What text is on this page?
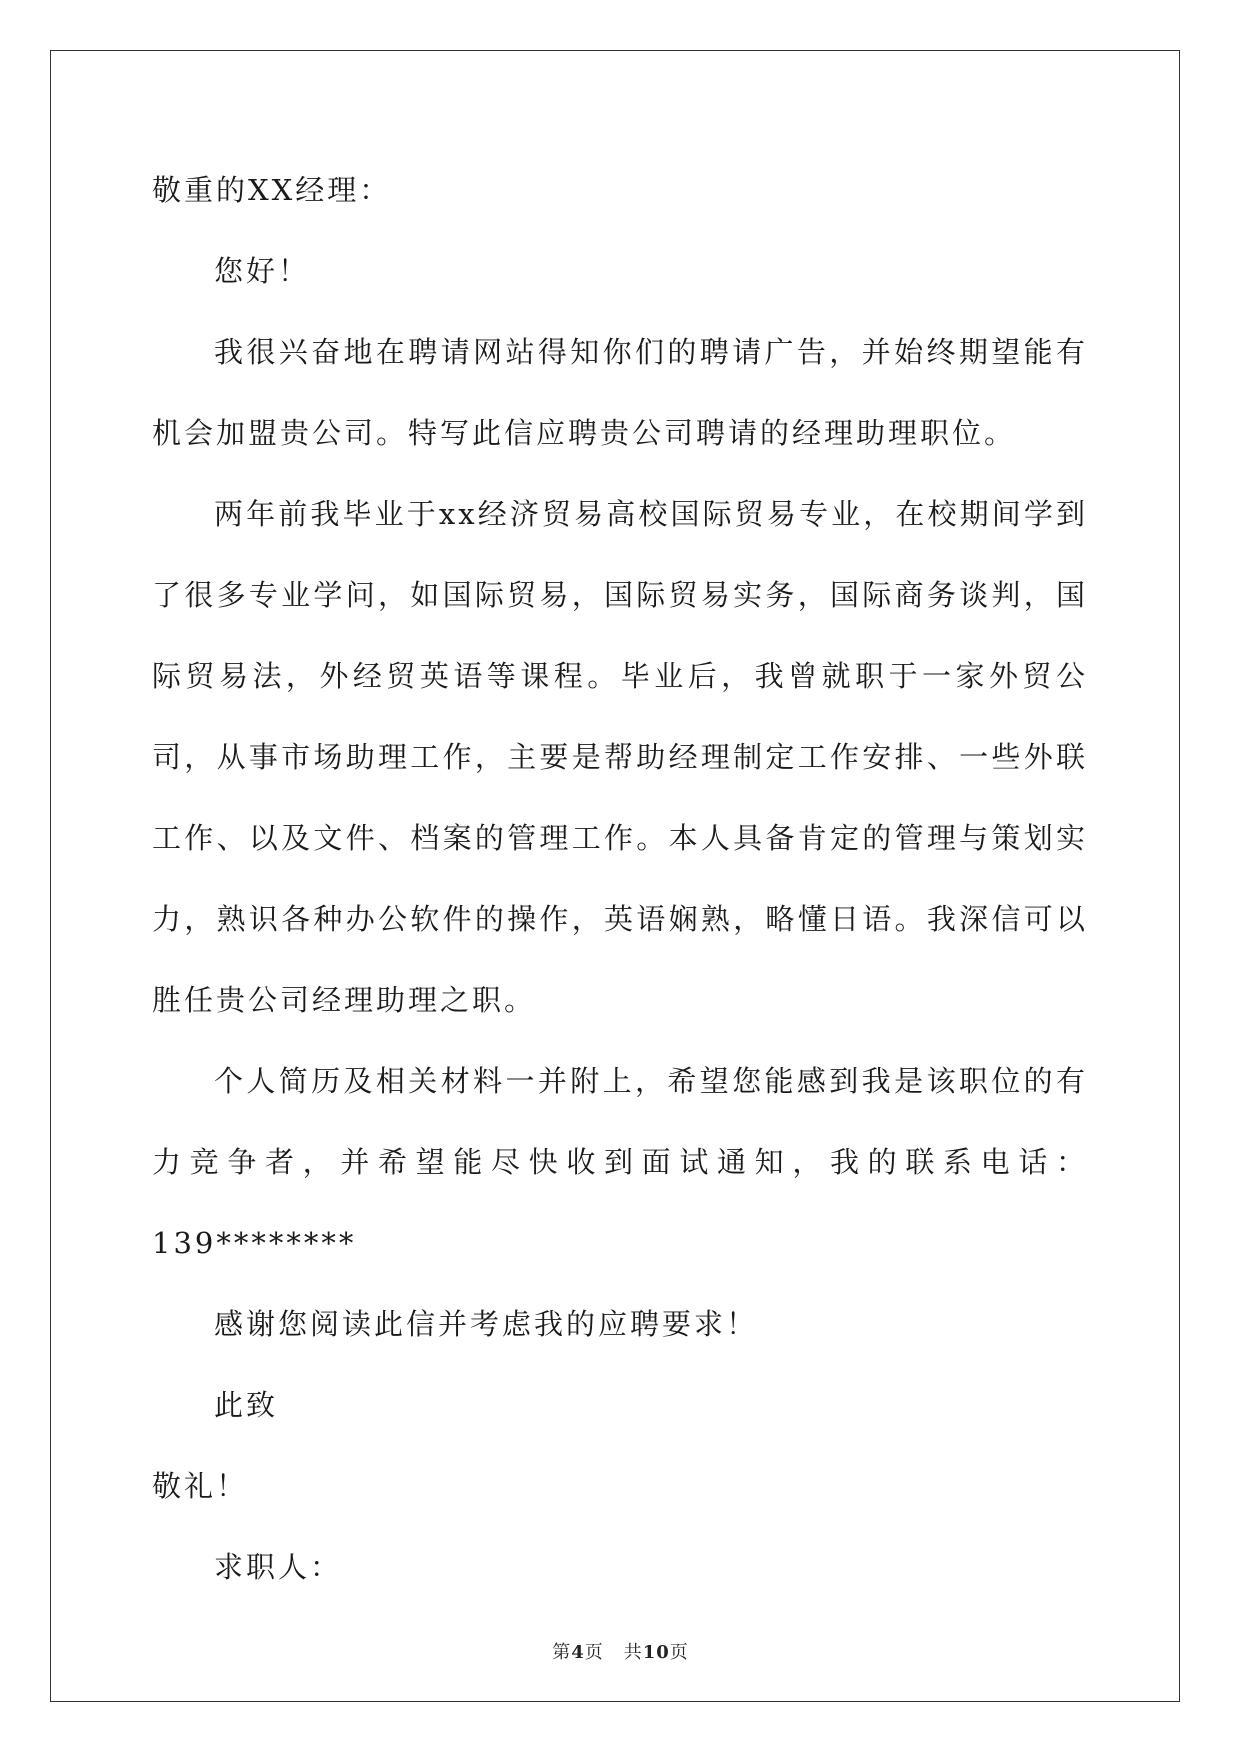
敬重的XX经理：

您好！

我很兴奋地在聘请网站得知你们的聘请广告，并始终期望能有机会加盟贵公司。特写此信应聘贵公司聘请的经理助理职位。

两年前我毕业于xx经济贸易高校国际贸易专业，在校期间学到了很多专业学问，如国际贸易，国际贸易实务，国际商务谈判，国际贸易法，外经贸英语等课程。毕业后，我曾就职于一家外贸公司，从事市场助理工作，主要是帮助经理制定工作安排、一些外联工作、以及文件、档案的管理工作。本人具备肯定的管理与策划实力，熟识各种办公软件的操作，英语娴熟，略懂日语。我深信可以胜任贵公司经理助理之职。

个人简历及相关材料一并附上，希望您能感到我是该职位的有力竞争者，并希望能尽快收到面试通知，我的联系电话：139********

感谢您阅读此信并考虑我的应聘要求！

此致

敬礼！

求职人：

第4页 共10页
